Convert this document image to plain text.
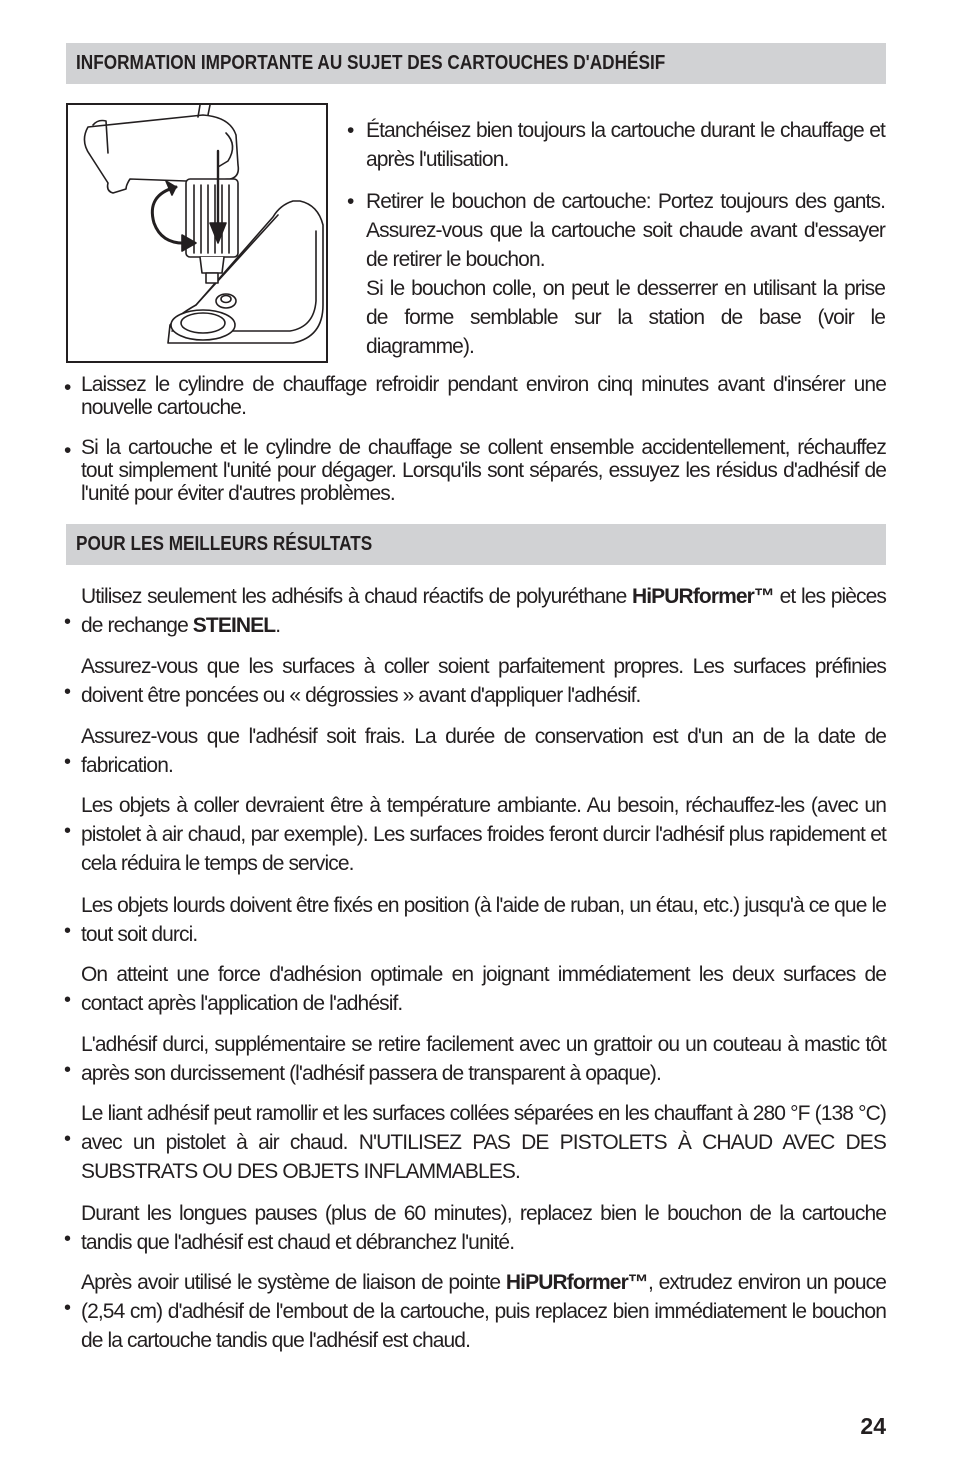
INFORMATION IMPORTANTE AU SUJET DES CARTOUCHES D'ADHÉSIF
• Étanchéisez bien toujours la cartouche durant le chauffage et après l'utilisation.
• Retirer le bouchon de cartouche: Portez toujours des gants. Assurez-vous que la cartouche soit chaude avant d'essayer de retirer le bouchon.
Si le bouchon colle, on peut le desserrer en utilisant la prise de forme semblable sur la station de base (voir le diagramme).
• Laissez le cylindre de chauffage refroidir pendant environ cinq minutes avant d'insérer une nouvelle cartouche.
• Si la cartouche et le cylindre de chauffage se collent ensemble accidentellement, réchauffez tout simplement l'unité pour dégager. Lorsqu'ils sont séparés, essuyez les résidus d'adhésif de l'unité pour éviter d'autres problèmes.
POUR LES MEILLEURS RÉSULTATS
•
Utilisez seulement les adhésifs à chaud réactifs de polyuréthane HiPURformer™ et les pièces de rechange STEINEL.
•
Assurez-vous que les surfaces à coller soient parfaitement propres. Les surfaces préfinies doivent être poncées ou « dégrossies » avant d'appliquer l'adhésif.
•
Assurez-vous que l'adhésif soit frais. La durée de conservation est d'un an de la date de fabrication.
•
Les objets à coller devraient être à température ambiante. Au besoin, réchauffez-les (avec un pistolet à air chaud, par exemple). Les surfaces froides feront durcir l'adhésif plus rapidement et cela réduira le temps de service.
•
Les objets lourds doivent être fixés en position (à l'aide de ruban, un étau, etc.) jusqu'à ce que le tout soit durci.
•
On atteint une force d'adhésion optimale en joignant immédiatement les deux surfaces de contact après l'application de l'adhésif.
•
L'adhésif durci, supplémentaire se retire facilement avec un grattoir ou un couteau à mastic tôt après son durcissement (l'adhésif passera de transparent à opaque).
•
Le liant adhésif peut ramollir et les surfaces collées séparées en les chauffant à 280 °F (138 °C) avec un pistolet à air chaud. N'UTILISEZ PAS DE PISTOLETS À CHAUD AVEC DES SUBSTRATS OU DES OBJETS INFLAMMABLES.
•
Durant les longues pauses (plus de 60 minutes), replacez bien le bouchon de la cartouche tandis que l'adhésif est chaud et débranchez l'unité.
•
Après avoir utilisé le système de liaison de pointe HiPURformer™, extrudez environ un pouce (2,54 cm) d'adhésif de l'embout de la cartouche, puis replacez bien immédiatement le bouchon de la cartouche tandis que l'adhésif est chaud.
24
